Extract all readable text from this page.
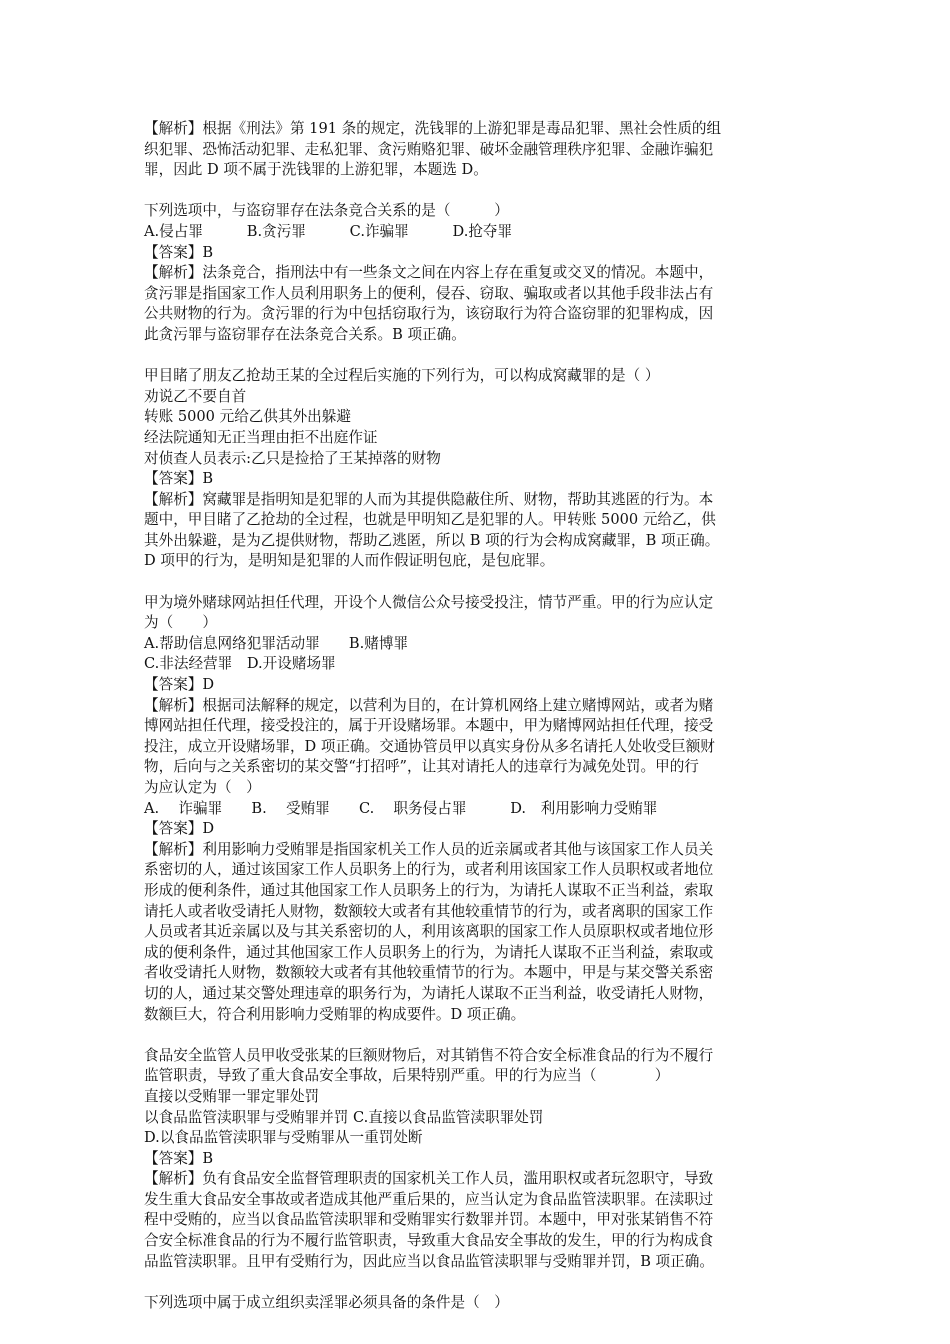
【解析】根据《刑法》第 191 条的规定，洗钱罪的上游犯罪是毒品犯罪、黑社会性质的组
织犯罪、恐怖活动犯罪、走私犯罪、贪污贿赂犯罪、破坏金融管理秩序犯罪、金融诈骗犯
罪，因此 D 项不属于洗钱罪的上游犯罪，本题选 D。
下列选项中，与盗窃罪存在法条竞合关系的是（　　　）
A.侵占罪　　　B.贪污罪　　　C.诈骗罪　　　D.抢夺罪
【答案】B
【解析】法条竞合，指刑法中有一些条文之间在内容上存在重复或交叉的情况。本题中，
贪污罪是指国家工作人员利用职务上的便利，侵吞、窃取、骗取或者以其他手段非法占有
公共财物的行为。贪污罪的行为中包括窃取行为，该窃取行为符合盗窃罪的犯罪构成，因
此贪污罪与盗窃罪存在法条竞合关系。B 项正确。
甲目睹了朋友乙抢劫王某的全过程后实施的下列行为，可以构成窝藏罪的是（ ）
劝说乙不要自首
转账 5000 元给乙供其外出躲避
经法院通知无正当理由拒不出庭作证
对侦查人员表示:乙只是捡拾了王某掉落的财物
【答案】B
【解析】窝藏罪是指明知是犯罪的人而为其提供隐蔽住所、财物，帮助其逃匿的行为。本
题中，甲目睹了乙抢劫的全过程，也就是甲明知乙是犯罪的人。甲转账 5000 元给乙，供
其外出躲避，是为乙提供财物，帮助乙逃匿，所以 B 项的行为会构成窝藏罪，B 项正确。
D 项甲的行为，是明知是犯罪的人而作假证明包庇，是包庇罪。
甲为境外赌球网站担任代理，开设个人微信公众号接受投注，情节严重。甲的行为应认定
为（　　）
A.帮助信息网络犯罪活动罪　　B.赌博罪
C.非法经营罪　D.开设赌场罪
【答案】D
【解析】根据司法解释的规定，以营利为目的，在计算机网络上建立赌博网站，或者为赌
博网站担任代理，接受投注的，属于开设赌场罪。本题中，甲为赌博网站担任代理，接受
投注，成立开设赌场罪，D 项正确。交通协管员甲以真实身份从多名请托人处收受巨额财
物，后向与之关系密切的某交警“打招呼”，让其对请托人的违章行为减免处罚。甲的行
为应认定为（　）
A.　 诈骗罪　　B.　 受贿罪　　C.　 职务侵占罪　　　D.　利用影响力受贿罪
【答案】D
【解析】利用影响力受贿罪是指国家机关工作人员的近亲属或者其他与该国家工作人员关
系密切的人，通过该国家工作人员职务上的行为，或者利用该国家工作人员职权或者地位
形成的便利条件，通过其他国家工作人员职务上的行为，为请托人谋取不正当利益，索取
请托人或者收受请托人财物，数额较大或者有其他较重情节的行为，或者离职的国家工作
人员或者其近亲属以及与其关系密切的人，利用该离职的国家工作人员原职权或者地位形
成的便利条件，通过其他国家工作人员职务上的行为，为请托人谋取不正当利益，索取或
者收受请托人财物，数额较大或者有其他较重情节的行为。本题中，甲是与某交警关系密
切的人，通过某交警处理违章的职务行为，为请托人谋取不正当利益，收受请托人财物，
数额巨大，符合利用影响力受贿罪的构成要件。D 项正确。
食品安全监管人员甲收受张某的巨额财物后，对其销售不符合安全标准食品的行为不履行
监管职责，导致了重大食品安全事故，后果特别严重。甲的行为应当（　　　　）
直接以受贿罪一罪定罪处罚
以食品监管渎职罪与受贿罪并罚 C.直接以食品监管渎职罪处罚
D.以食品监管渎职罪与受贿罪从一重罚处断
【答案】B
【解析】负有食品安全监督管理职责的国家机关工作人员，滥用职权或者玩忽职守，导致
发生重大食品安全事故或者造成其他严重后果的，应当认定为食品监管渎职罪。在渎职过
程中受贿的，应当以食品监管渎职罪和受贿罪实行数罪并罚。本题中，甲对张某销售不符
合安全标准食品的行为不履行监管职责，导致重大食品安全事故的发生，甲的行为构成食
品监管渎职罪。且甲有受贿行为，因此应当以食品监管渎职罪与受贿罪并罚，B 项正确。
下列选项中属于成立组织卖淫罪必须具备的条件是（　）
